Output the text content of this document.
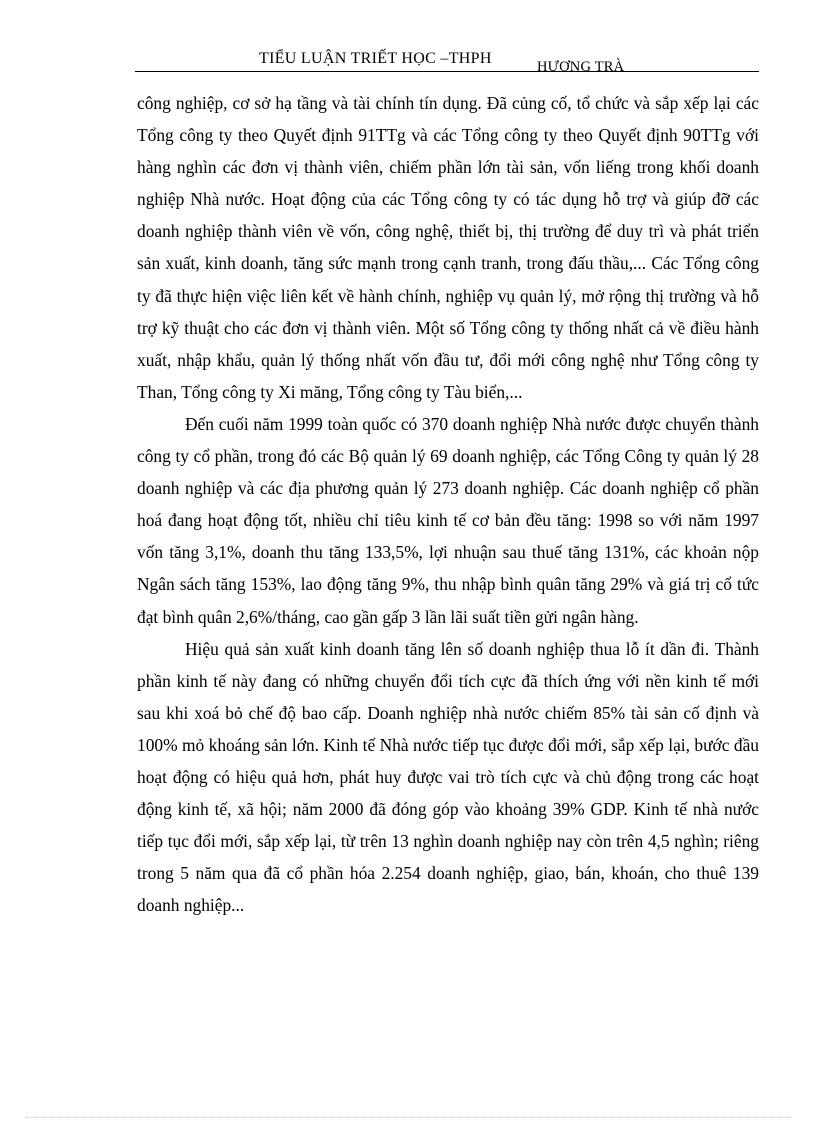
TIỂU LUẬN TRIẾT HỌC –THPH	HƯƠNG TRÀ

công nghiệp, cơ sở hạ tầng và tài chính tín dụng. Đã củng cố, tổ chức và sắp xếp lại các Tổng công ty theo Quyết định 91TTg và các Tổng công ty theo Quyết định 90TTg với hàng nghìn các đơn vị thành viên, chiếm phần lớn tài sản, vốn liếng trong khối doanh nghiệp Nhà nước. Hoạt động của các Tổng công ty có tác dụng hỗ trợ và giúp đỡ các doanh nghiệp thành viên về vốn, công nghệ, thiết bị, thị trường để duy trì và phát triển sản xuất, kinh doanh, tăng sức mạnh trong cạnh tranh, trong đấu thầu,... Các Tổng công ty đã thực hiện việc liên kết về hành chính, nghiệp vụ quản lý, mở rộng thị trường và hỗ trợ kỹ thuật cho các đơn vị thành viên. Một số Tổng công ty thống nhất cả về điều hành xuất, nhập khẩu, quản lý thống nhất vốn đầu tư, đổi mới công nghệ như Tổng công ty Than, Tổng công ty Xi măng, Tổng công ty Tàu biển,...

Đến cuối năm 1999 toàn quốc có 370 doanh nghiệp Nhà nước được chuyển thành công ty cổ phần, trong đó các Bộ quản lý 69 doanh nghiệp, các Tổng Công ty quản lý 28 doanh nghiệp và các địa phương quản lý 273 doanh nghiệp. Các doanh nghiệp cổ phần hoá đang hoạt động tốt, nhiều chỉ tiêu kinh tế cơ bản đều tăng: 1998 so với năm 1997 vốn tăng 3,1%, doanh thu tăng 133,5%, lợi nhuận sau thuế tăng 131%, các khoản nộp Ngân sách tăng 153%, lao động tăng 9%, thu nhập bình quân tăng 29% và giá trị cổ tức đạt bình quân 2,6%/tháng, cao gần gấp 3 lần lãi suất tiền gửi ngân hàng.

Hiệu quả sản xuất kinh doanh tăng lên số doanh nghiệp thua lỗ ít dần đi. Thành phần kinh tế này đang có những chuyển đổi tích cực đã thích ứng với nền kinh tế mới sau khi xoá bỏ chế độ bao cấp. Doanh nghiệp nhà nước chiếm 85% tài sản cố định và 100% mỏ khoáng sản lớn. Kinh tế Nhà nước tiếp tục được đổi mới, sắp xếp lại, bước đầu hoạt động có hiệu quả hơn, phát huy được vai trò tích cực và chủ động trong các hoạt động kinh tế, xã hội; năm 2000 đã đóng góp vào khoảng 39% GDP. Kinh tế nhà nước tiếp tục đổi mới, sắp xếp lại, từ trên 13 nghìn doanh nghiệp nay còn trên 4,5 nghìn; riêng trong 5 năm qua đã cổ phần hóa 2.254 doanh nghiệp, giao, bán, khoán, cho thuê 139 doanh nghiệp...
